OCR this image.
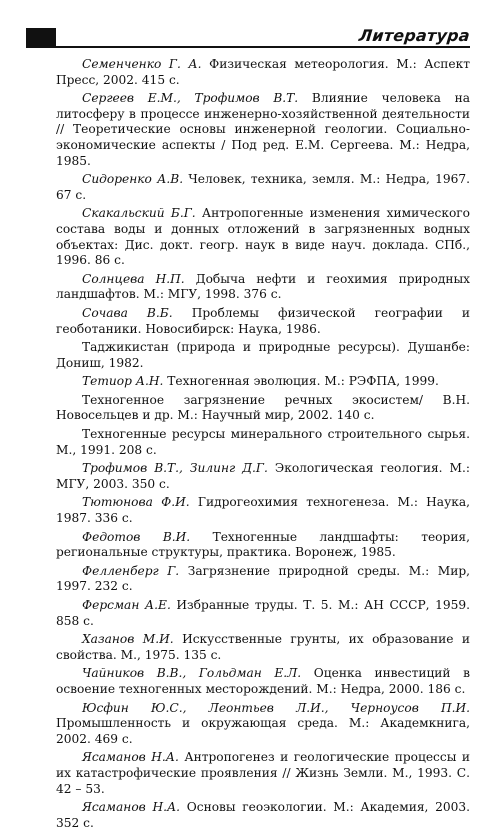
Литература

Семенченко Г. А. Физическая метеорология. М.: Аспект Пресс, 2002. 415 с.

Сергеев Е.М., Трофимов В.Т. Влияние человека на литосферу в процессе инженерно-хозяйственной деятельности // Теоретические основы инженерной геологии. Социально-экономические аспекты / Под ред. Е.М. Сергеева. М.: Недра, 1985.

Сидоренко А.В. Человек, техника, земля. М.: Недра, 1967. 67 с.

Скакальский Б.Г. Антропогенные изменения химического состава воды и донных отложений в загрязненных водных объектах: Дис. докт. геогр. наук в виде науч. доклада. СПб., 1996. 86 с.

Солнцева Н.П. Добыча нефти и геохимия природных ландшафтов. М.: МГУ, 1998. 376 с.

Сочава В.Б. Проблемы физической географии и геоботаники. Новосибирск: Наука, 1986.

Таджикистан (природа и природные ресурсы). Душанбе: Дониш, 1982.

Тетиор А.Н. Техногенная эволюция. М.: РЭФПА, 1999.

Техногенное загрязнение речных экосистем/ В.Н. Новосельцев и др. М.: Научный мир, 2002. 140 с.

Техногенные ресурсы минерального строительного сырья. М., 1991. 208 с.

Трофимов В.Т., Зилинг Д.Г. Экологическая геология. М.: МГУ, 2003. 350 с.

Тютюнова Ф.И. Гидрогеохимия техногенеза. М.: Наука, 1987. 336 с.

Федотов В.И. Техногенные ландшафты: теория, региональные структуры, практика. Воронеж, 1985.

Фелленберг Г. Загрязнение природной среды. М.: Мир, 1997. 232 с.

Ферсман А.Е. Избранные труды. Т. 5. М.: АН СССР, 1959. 858 с.

Хазанов М.И. Искусственные грунты, их образование и свойства. М., 1975. 135 с.

Чайников В.В., Гольдман Е.Л. Оценка инвестиций в освоение техногенных месторождений. М.: Недра, 2000. 186 с.

Юсфин Ю.С., Леонтьев Л.И., Черноусов П.И. Промышленность и окружающая среда. М.: Академкнига, 2002. 469 с.

Ясаманов Н.А. Антропогенез и геологические процессы и их катастрофические проявления // Жизнь Земли. М., 1993. С. 42 – 53.

Ясаманов Н.А. Основы геоэкологии. М.: Академия, 2003. 352 с.
